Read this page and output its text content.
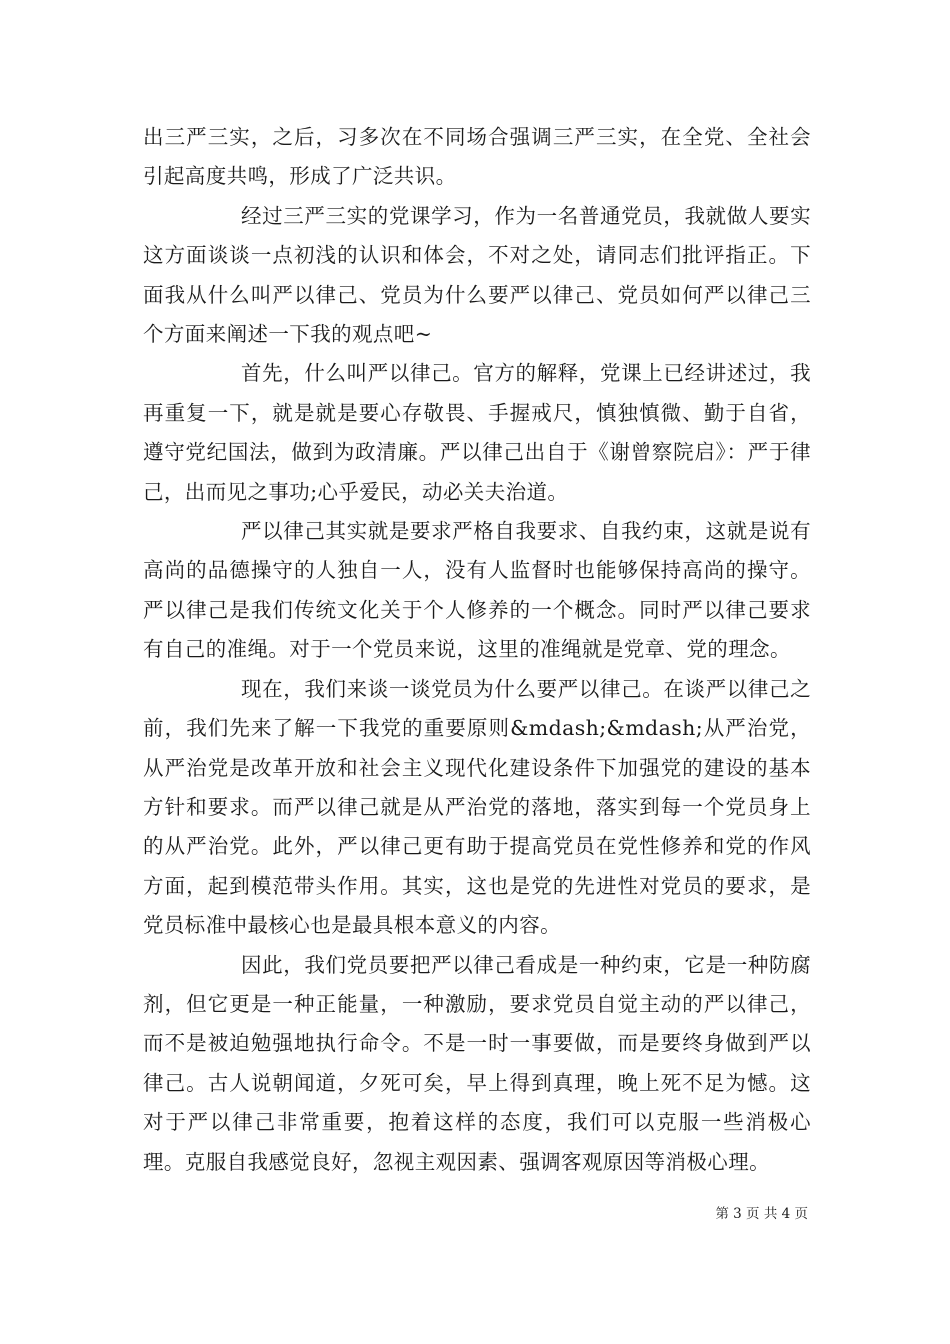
出三严三实，之后，习多次在不同场合强调三严三实，在全党、全社会引起高度共鸣，形成了广泛共识。

经过三严三实的党课学习，作为一名普通党员，我就做人要实这方面谈谈一点初浅的认识和体会，不对之处，请同志们批评指正。下面我从什么叫严以律己、党员为什么要严以律己、党员如何严以律己三个方面来阐述一下我的观点吧~

首先，什么叫严以律己。官方的解释，党课上已经讲述过，我再重复一下，就是就是要心存敬畏、手握戒尺，慎独慎微、勤于自省，遵守党纪国法，做到为政清廉。严以律己出自于《谢曾察院启》：严于律己，出而见之事功;心乎爱民，动必关夫治道。

严以律己其实就是要求严格自我要求、自我约束，这就是说有高尚的品德操守的人独自一人，没有人监督时也能够保持高尚的操守。严以律己是我们传统文化关于个人修养的一个概念。同时严以律己要求有自己的准绳。对于一个党员来说，这里的准绳就是党章、党的理念。

现在，我们来谈一谈党员为什么要严以律己。在谈严以律己之前，我们先来了解一下我党的重要原则&mdash;&mdash;从严治党，从严治党是改革开放和社会主义现代化建设条件下加强党的建设的基本方针和要求。而严以律己就是从严治党的落地，落实到每一个党员身上的从严治党。此外，严以律己更有助于提高党员在党性修养和党的作风方面，起到模范带头作用。其实，这也是党的先进性对党员的要求，是党员标准中最核心也是最具根本意义的内容。

因此，我们党员要把严以律己看成是一种约束，它是一种防腐剂，但它更是一种正能量，一种激励，要求党员自觉主动的严以律己，而不是被迫勉强地执行命令。不是一时一事要做，而是要终身做到严以律己。古人说朝闻道，夕死可矣，早上得到真理，晚上死不足为憾。这对于严以律己非常重要，抱着这样的态度，我们可以克服一些消极心理。克服自我感觉良好，忽视主观因素、强调客观原因等消极心理。

第 3 页 共 4 页
